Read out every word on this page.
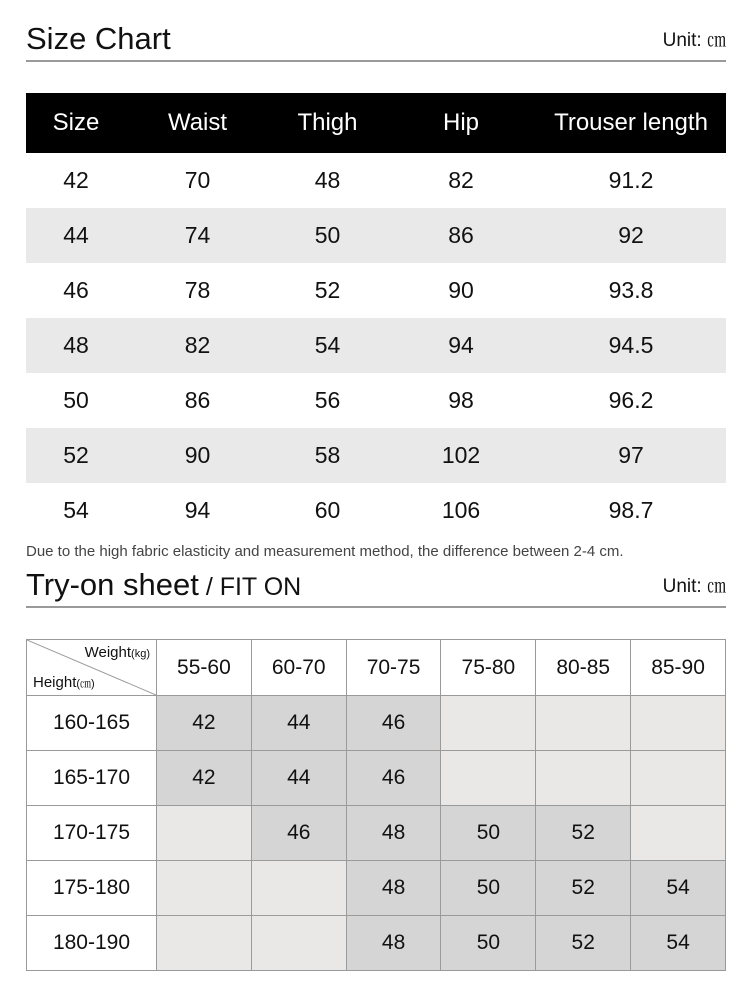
Size Chart	Unit: ㎝
Size	Waist	Thigh	Hip	Trouser length
42	70	48	82	91.2
44	74	50	86	92
46	78	52	90	93.8
48	82	54	94	94.5
50	86	56	98	96.2
52	90	58	102	97
54	94	60	106	98.7
Due to the high fabric elasticity and measurement method, the difference between 2-4 cm.
Try-on sheet / FIT ON	Unit: ㎝
Weight(kg)
Height(㎝)	55-60	60-70	70-75	75-80	80-85	85-90
160-165	42	44	46			
165-170	42	44	46			
170-175		46	48	50	52	
175-180			48	50	52	54
180-190			48	50	52	54
